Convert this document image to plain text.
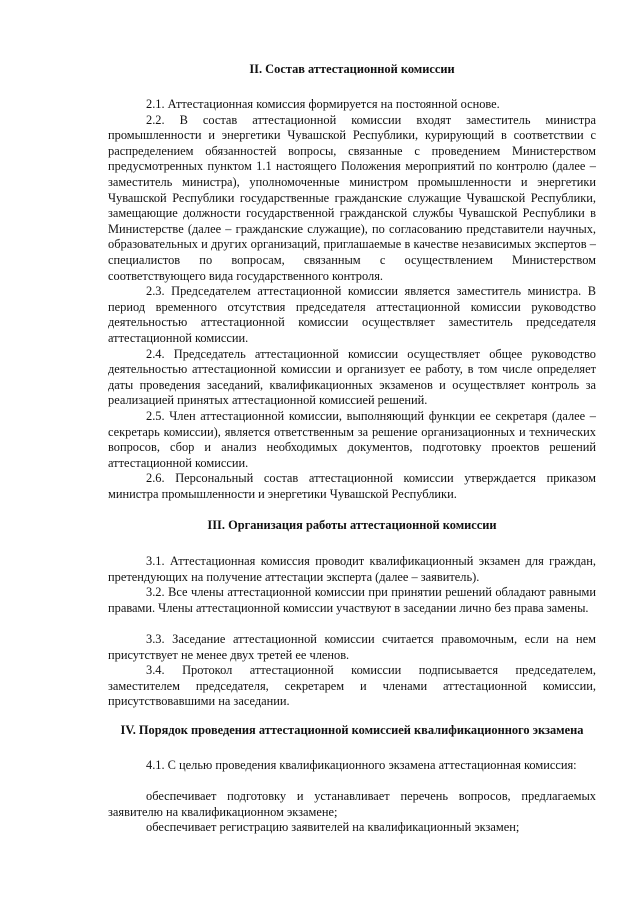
II. Состав аттестационной комиссии

2.1. Аттестационная комиссия формируется на постоянной основе.

2.2. В состав аттестационной комиссии входят заместитель министра промышленности и энергетики Чувашской Республики, курирующий в соответствии с распределением обязанностей вопросы, связанные с проведением Министерством предусмотренных пунктом 1.1 настоящего Положения мероприятий по контролю (далее – заместитель министра), уполномоченные министром промышленности и энергетики Чувашской Республики государственные гражданские служащие Чувашской Республики, замещающие должности государственной гражданской службы Чувашской Республики в Министерстве (далее – гражданские служащие), по согласованию представители научных, образовательных и других организаций, приглашаемые в качестве независимых экспертов – специалистов по вопросам, связанным с осуществлением Министерством соответствующего вида государственного контроля.

2.3. Председателем аттестационной комиссии является заместитель министра. В период временного отсутствия председателя аттестационной комиссии руководство деятельностью аттестационной комиссии осуществляет заместитель председателя аттестационной комиссии.

2.4. Председатель аттестационной комиссии осуществляет общее руководство деятельностью аттестационной комиссии и организует ее работу, в том числе определяет даты проведения заседаний, квалификационных экзаменов и осуществляет контроль за реализацией принятых аттестационной комиссией решений.

2.5. Член аттестационной комиссии, выполняющий функции ее секретаря (далее – секретарь комиссии), является ответственным за решение организационных и технических вопросов, сбор и анализ необходимых документов, подготовку проектов решений аттестационной комиссии.

2.6. Персональный состав аттестационной комиссии утверждается приказом министра промышленности и энергетики Чувашской Республики.

III. Организация работы аттестационной комиссии

3.1. Аттестационная комиссия проводит квалификационный экзамен для граждан, претендующих на получение аттестации эксперта (далее – заявитель).

3.2. Все члены аттестационной комиссии при принятии решений обладают равными правами. Члены аттестационной комиссии участвуют в заседании лично без права замены.

3.3. Заседание аттестационной комиссии считается правомочным, если на нем присутствует не менее двух третей ее членов.

3.4. Протокол аттестационной комиссии подписывается председателем, заместителем председателя, секретарем и членами аттестационной комиссии, присутствовавшими на заседании.

IV. Порядок проведения аттестационной комиссией квалификационного экзамена

4.1. С целью проведения квалификационного экзамена аттестационная комиссия:

обеспечивает подготовку и устанавливает перечень вопросов, предлагаемых заявителю на квалификационном экзамене;

обеспечивает регистрацию заявителей на квалификационный экзамен;
